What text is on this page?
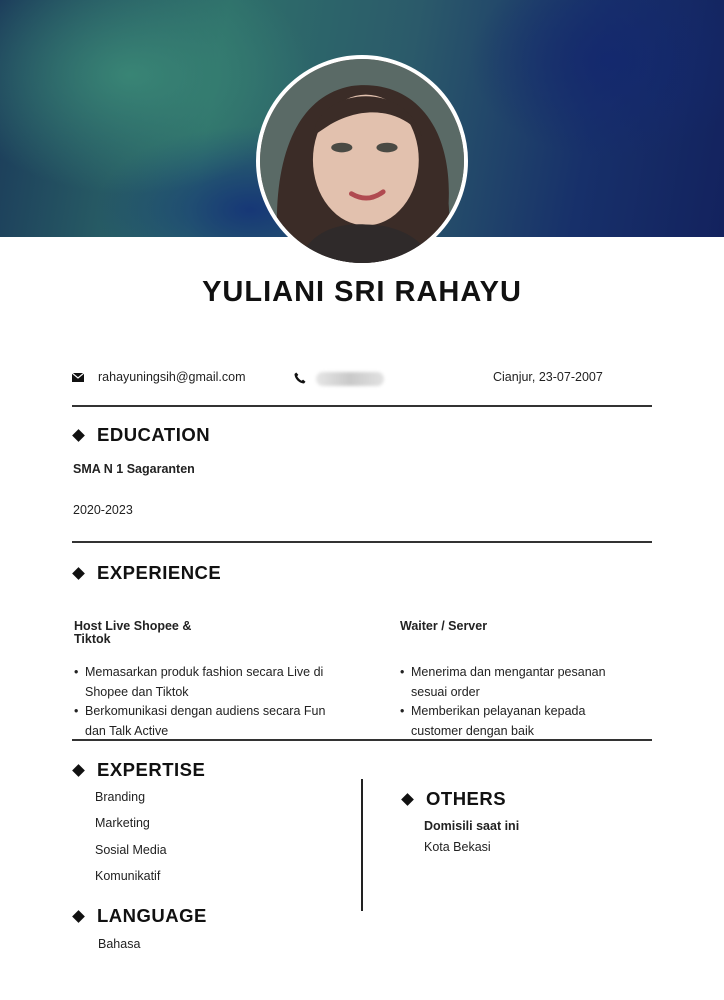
YULIANI SRI RAHAYU
rahayuningsih@gmail.com	Cianjur, 23-07-2007
EDUCATION
SMA N 1 Sagaranten
2020-2023
EXPERIENCE
Host Live Shopee & Tiktok
• Memasarkan produk fashion secara Live di Shopee dan Tiktok
• Berkomunikasi dengan audiens secara Fun dan Talk Active
Waiter / Server
• Menerima dan mengantar pesanan sesuai order
• Memberikan pelayanan kepada customer dengan baik
EXPERTISE
Branding
Marketing
Sosial Media
Komunikatif
OTHERS
Domisili saat ini
Kota Bekasi
LANGUAGE
Bahasa
